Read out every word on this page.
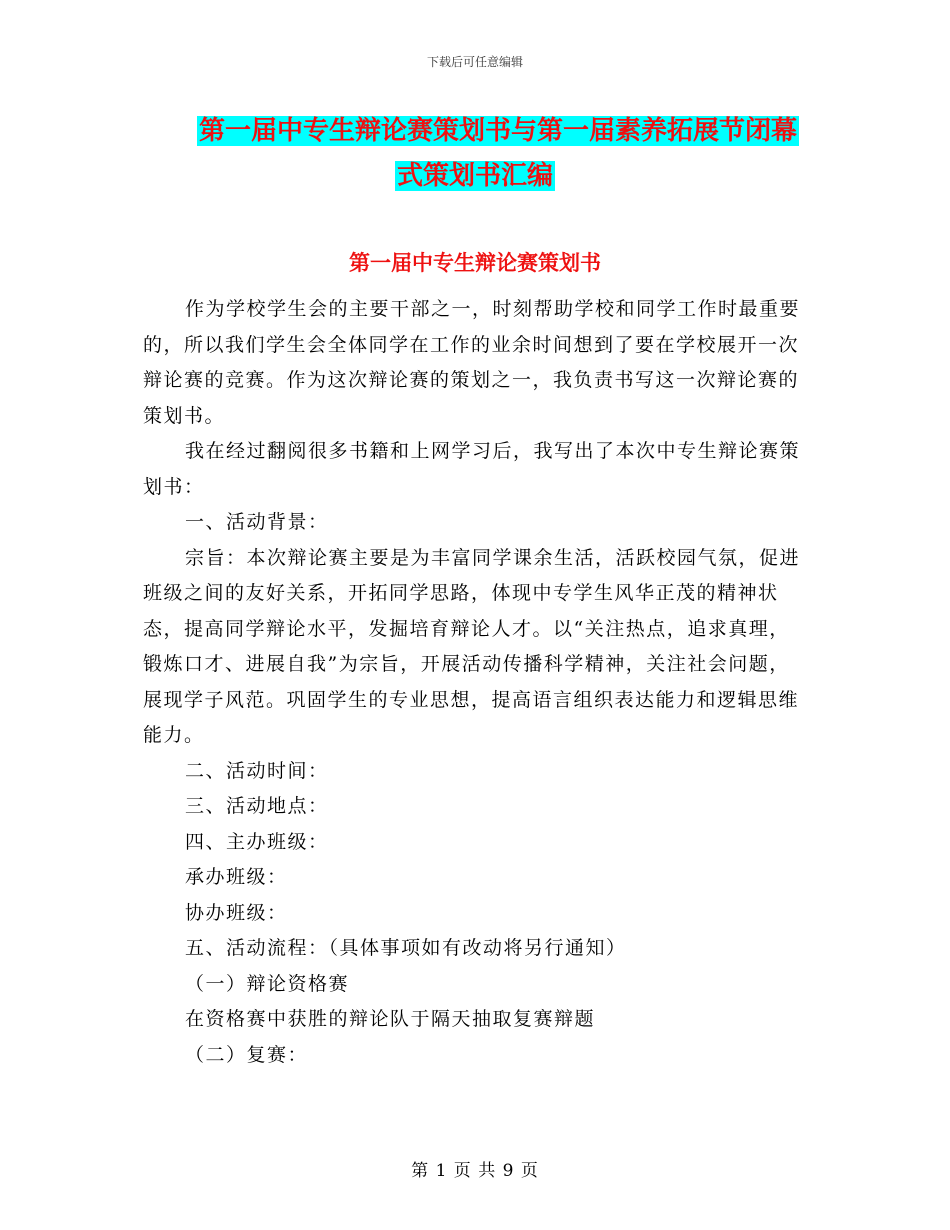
下载后可任意编辑
第一届中专生辩论赛策划书与第一届素养拓展节闭幕
式策划书汇编
第一届中专生辩论赛策划书

作为学校学生会的主要干部之一，时刻帮助学校和同学工作时最重要的，所以我们学生会全体同学在工作的业余时间想到了要在学校展开一次辩论赛的竞赛。作为这次辩论赛的策划之一，我负责书写这一次辩论赛的策划书。

我在经过翻阅很多书籍和上网学习后，我写出了本次中专生辩论赛策划书：

一、活动背景：

宗旨：本次辩论赛主要是为丰富同学课余生活，活跃校园气氛，促进班级之间的友好关系，开拓同学思路，体现中专学生风华正茂的精神状态，提高同学辩论水平，发掘培育辩论人才。以“关注热点，追求真理，锻炼口才、进展自我”为宗旨，开展活动传播科学精神，关注社会问题，展现学子风范。巩固学生的专业思想，提高语言组织表达能力和逻辑思维能力。

二、活动时间：

三、活动地点：

四、主办班级：

承办班级：

协办班级：

五、活动流程：（具体事项如有改动将另行通知）

（一）辩论资格赛

在资格赛中获胜的辩论队于隔天抽取复赛辩题

（二）复赛：

第 1 页 共 9 页
